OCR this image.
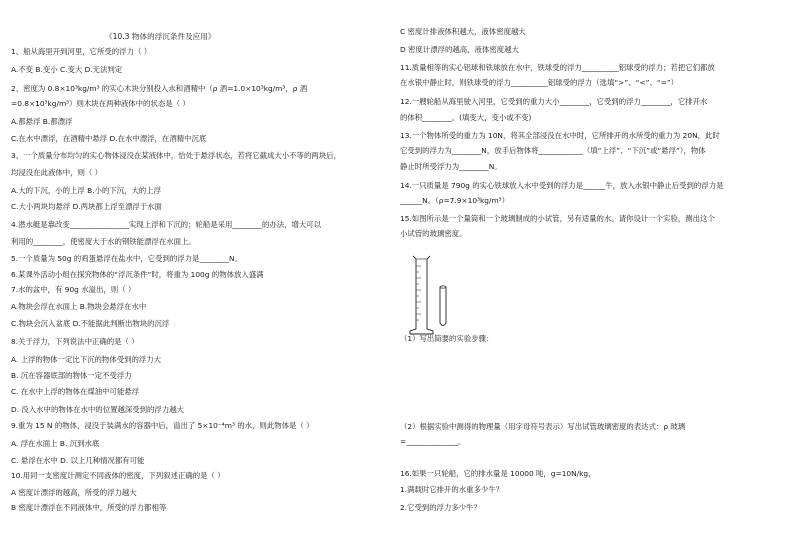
《10.3 物体的浮沉条件及应用》
1、船从海里开到河里，它所受的浮力（ ）
A.不变 B.变小 C.变大 D.无法判定
2、密度为 0.8×10³kg/m³ 的实心木块分别投入水和酒精中（ρ 酒=1.0×10³kg/m³，ρ 酒
=0.8×10³kg/m³）则木块在两种液体中的状态是（ ）
A.都悬浮 B.都漂浮
C.在水中漂浮，在酒精中悬浮 D.在水中漂浮，在酒精中沉底
3、一个质量分布均匀的实心物体浸没在某液体中，恰处于悬浮状态，若将它截成大小不等的两块后，
均浸没在此液体中，则（ ）
A.大的下沉，小的上浮 B.小的下沉，大的上浮
C.大小两块均悬浮 D.两块都上浮至漂浮于水面
4.潜水艇是靠改变________________实现上浮和下沉的；轮船是采用________的办法，增大可以
利用的________，使密度大于水的钢铁能漂浮在水面上。
5.一个质量为 50g 的鸡蛋悬浮在盐水中，它受到的浮力是________N。
6.某课外活动小组在探究物体的“浮沉条件”时，将重为 100g 的物体放入盛满
7.水的盆中，有 90g 水溢出，则（ ）
A.物块会浮在水面上 B.物块会悬浮在水中
C.物块会沉入盆底 D.不能据此判断出物块的沉浮
8.关于浮力，下列说法中正确的是（ ）
A. 上浮的物体一定比下沉的物体受到的浮力大
B. 沉在容器底部的物体一定不受浮力
C. 在水中上浮的物体在煤油中可能悬浮
D. 没入水中的物体在水中的位置越深受到的浮力越大
9.重为 15 N 的物体，浸没于装满水的容器中后，溢出了 5×10⁻⁴m³ 的水，则此物体是（ ）
A. 浮在水面上 B. 沉到水底
C. 悬浮在水中 D. 以上几种情况都有可能
10.用同一支密度计测定不同液体的密度，下列叙述正确的是（ ）
A 密度计漂浮的越高，所受的浮力越大
B 密度计漂浮在不同液体中，所受的浮力都相等
C 密度计排液体积越大，液体密度越大
D 密度计漂浮的越高，液体密度越大
11.质量相等的实心铝球和铁球放在水中，铁球受的浮力__________铝球受的浮力；若把它们都放
在水银中静止时，则铁球受的浮力__________铝球受的浮力（选填“>”、“<”、“=”）
12.一艘轮船从海里驶入河里，它受到的重力大小________，它受到的浮力________，它排开水
的体积________。(填变大，变小或不变)
13.一个物体所受的重力为 10N，将其全部浸没在水中时，它所排开的水所受的重力为 20N，此时
它受到的浮力为________N，放手后物体将____________（填“上浮”、“下沉”或“悬浮”），物体
静止时所受浮力为________N。
14.一只质量是 790g 的实心铁球放入水中受到的浮力是______牛，放入水银中静止后受到的浮力是
______N。（ρ=7.9×10³kg/m³）
15.如图所示是一个量筒和一个玻璃制成的小试管，另有适量的水。请你设计一个实验，测出这个
小试管的玻璃密度。
（1）写出简要的实验步骤：
（2）根据实验中测得的物理量（用字母符号表示）写出试管玻璃密度的表达式：ρ 玻璃
=______________。
16.如果一只轮船，它的排水量是 10000 吨，g=10N/kg，
1.满载时它排开的水重多少牛？
2.它受到的浮力多少牛？
